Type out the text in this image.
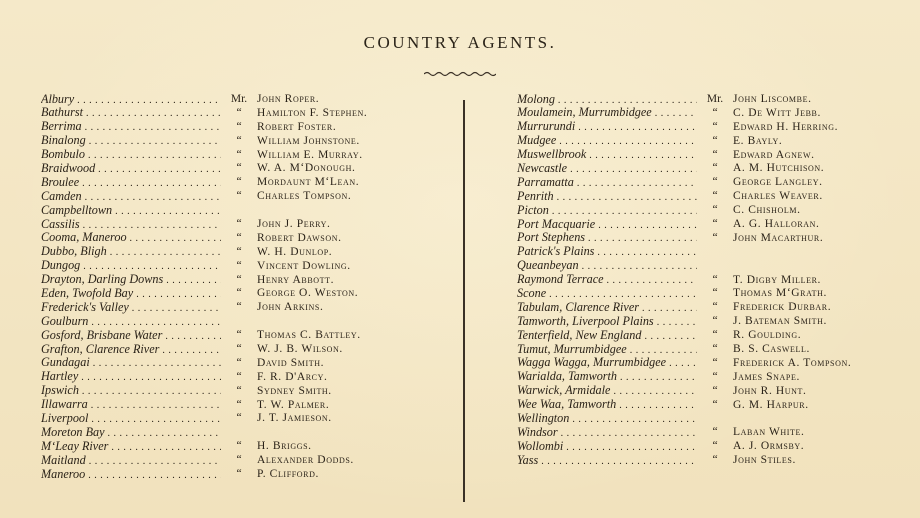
COUNTRY AGENTS.
Albury . . .	Mr. John Roper.
Bathurst . . .	“	Hamilton F. Stephen.
Berrima . . .	“	Robert Foster.
Binalong . . .	“	William Johnstone.
Bombulo . . .	“	William E. Murray.
Braidwood . . .	“	W. A. M‘Donough.
Broulee . . .	“	Mordaunt M‘Lean.
Camden . . .	“	Charles Tompson.
Campbelltown . . .
Cassilis . . .	“	John J. Perry.
Cooma, Maneroo . . .	“	Robert Dawson.
Dubbo, Bligh . . .	“	W. H. Dunlop.
Dungog . . .	“	Vincent Dowling.
Drayton, Darling Downs . . .	“	Henry Abbott.
Eden, Twofold Bay . . .	“	George O. Weston.
Frederick's Valley . . .	“	John Arkins.
Goulburn . . .
Gosford, Brisbane Water . . .	“	Thomas C. Battley.
Grafton, Clarence River . . .	“	W. J. B. Wilson.
Gundagai . . .	“	David Smith.
Hartley . . .	“	F. R. D'Arcy.
Ipswich . . .	“	Sydney Smith.
Illawarra . . .	“	T. W. Palmer.
Liverpool . . .	“	J. T. Jamieson.
Moreton Bay . . .
M‘Leay River . . .	“	H. Briggs.
Maitland . . .	“	Alexander Dodds.
Maneroo . . .	“	P. Clifford.
Molong . . .	Mr. John Liscombe.
Moulamein, Murrumbidgee . . .	“	C. De Witt Jebb.
Murrurundi . . .	“	Edward H. Herring.
Mudgee . . .	“	E. Bayly.
Muswellbrook . . .	“	Edward Agnew.
Newcastle . . .	“	A. M. Hutchison.
Parramatta . . .	“	George Langley.
Penrith . . .	“	Charles Weaver.
Picton . . .	“	C. Chisholm.
Port Macquarie . . .	“	A. G. Halloran.
Port Stephens . . .	“	John Macarthur.
Patrick's Plains . . .
Queanbeyan . . .
Raymond Terrace . . .	“	T. Digby Miller.
Scone . . .	“	Thomas M‘Grath.
Tabulam, Clarence River . . .	“	Frederick Durbar.
Tamworth, Liverpool Plains . . .	“	J. Bateman Smith.
Tenterfield, New England . . .	“	R. Goulding.
Tumut, Murrumbidgee . . .	“	B. S. Caswell.
Wagga Wagga, Murrumbidgee . . .	“	Frederick A. Tompson.
Warialda, Tamworth . . .	“	James Snape.
Warwick, Armidale . . .	“	John R. Hunt.
Wee Waa, Tamworth . . .	“	G. M. Harpur.
Wellington . . .
Windsor . . .	“	Laban White.
Wollombi . . .	“	A. J. Ormsby.
Yass . . .	“	John Stiles.
